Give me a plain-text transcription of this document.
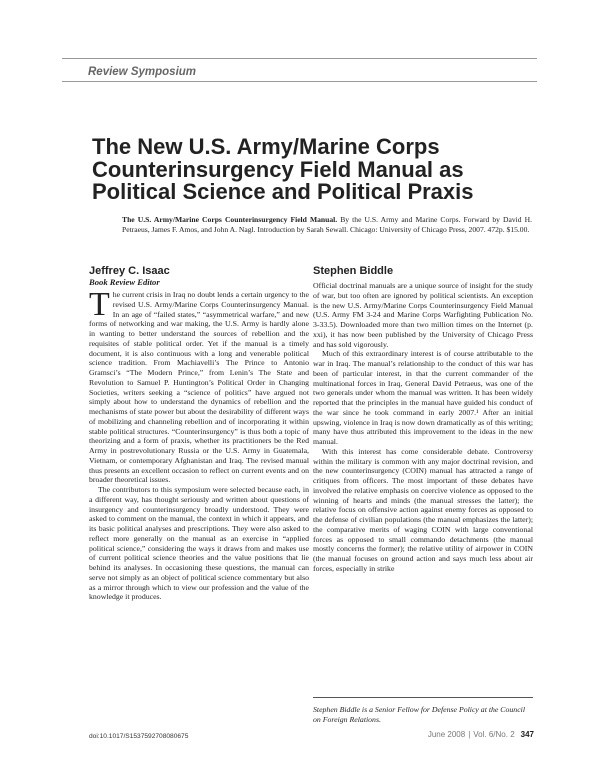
Review Symposium
The New U.S. Army/Marine Corps Counterinsurgency Field Manual as Political Science and Political Praxis
The U.S. Army/Marine Corps Counterinsurgency Field Manual. By the U.S. Army and Marine Corps. Forward by David H. Petraeus, James F. Amos, and John A. Nagl. Introduction by Sarah Sewall. Chicago: University of Chicago Press, 2007. 472p. $15.00.
Jeffrey C. Isaac
Book Review Editor

The current crisis in Iraq no doubt lends a certain urgency to the revised U.S. Army/Marine Corps Counterinsurgency Manual. In an age of “failed states,” “asymmetrical warfare,” and new forms of networking and war making, the U.S. Army is hardly alone in wanting to better understand the sources of rebellion and the requisites of stable political order. Yet if the manual is a timely document, it is also continuous with a long and venerable political science tradition. From Machiavelli’s The Prince to Antonio Gramsci’s “The Modern Prince,” from Lenin’s The State and Revolution to Samuel P. Huntington’s Political Order in Changing Societies, writers seeking a “science of politics” have argued not simply about how to understand the dynamics of rebellion and the mechanisms of state power but about the desirability of different ways of mobilizing and channeling rebellion and of incorporating it within stable political structures. “Counterinsurgency” is thus both a topic of theorizing and a form of praxis, whether its practitioners be the Red Army in postrevolutionary Russia or the U.S. Army in Guatemala, Vietnam, or contemporary Afghanistan and Iraq. The revised manual thus presents an excellent occasion to reflect on current events and on broader theoretical issues.

The contributors to this symposium were selected because each, in a different way, has thought seriously and written about questions of insurgency and counterinsurgency broadly understood. They were asked to comment on the manual, the context in which it appears, and its basic political analyses and prescriptions. They were also asked to reflect more generally on the manual as an exercise in “applied political science,” considering the ways it draws from and makes use of current political science theories and the value positions that lie behind its analyses. In occasioning these questions, the manual can serve not simply as an object of political science commentary but also as a mirror through which to view our profession and the value of the knowledge it produces.

Stephen Biddle

Official doctrinal manuals are a unique source of insight for the study of war, but too often are ignored by political scientists. An exception is the new U.S. Army/Marine Corps Counterinsurgency Field Manual (U.S. Army FM 3-24 and Marine Corps Warfighting Publication No. 3-33.5). Downloaded more than two million times on the Internet (p. xxi), it has now been published by the University of Chicago Press and has sold vigorously.

Much of this extraordinary interest is of course attributable to the war in Iraq. The manual’s relationship to the conduct of this war has been of particular interest, in that the current commander of the multinational forces in Iraq, General David Petraeus, was one of the two generals under whom the manual was written. It has been widely reported that the principles in the manual have guided his conduct of the war since he took command in early 2007.¹ After an initial upswing, violence in Iraq is now down dramatically as of this writing; many have thus attributed this improvement to the ideas in the new manual.

With this interest has come considerable debate. Controversy within the military is common with any major doctrinal revision, and the new counterinsurgency (COIN) manual has attracted a range of critiques from officers. The most important of these debates have involved the relative emphasis on coercive violence as opposed to the winning of hearts and minds (the manual stresses the latter); the relative focus on offensive action against enemy forces as opposed to the defense of civilian populations (the manual emphasizes the latter); the comparative merits of waging COIN with large conventional forces as opposed to small commando detachments (the manual mostly concerns the former); the relative utility of airpower in COIN (the manual focuses on ground action and says much less about air forces, especially in strike

Stephen Biddle is a Senior Fellow for Defense Policy at the Council on Foreign Relations.
doi:10.1017/S1537592708080675	June 2008 | Vol. 6/No. 2 347
